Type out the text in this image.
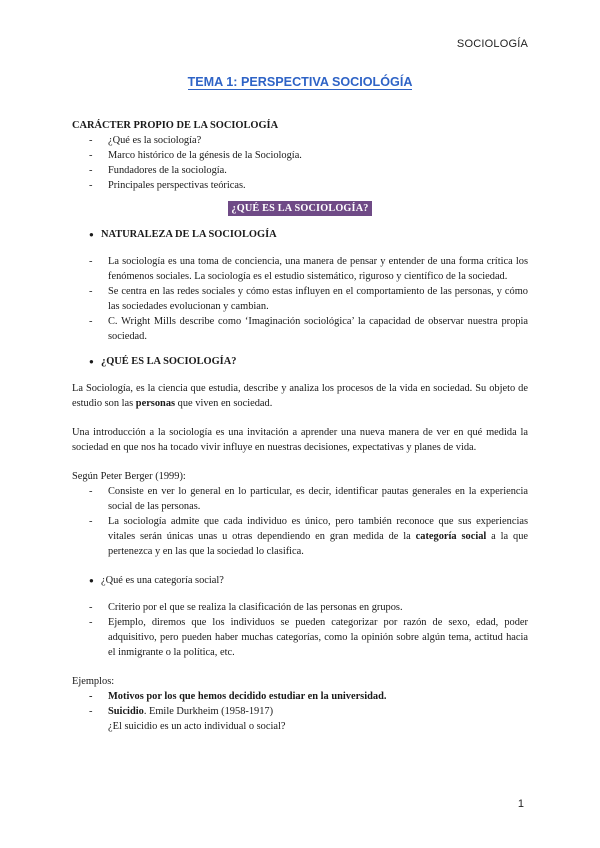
SOCIOLOGÍA
TEMA 1: PERSPECTIVA SOCIOLÓGÍA

CARÁCTER PROPIO DE LA SOCIOLOGÍA

- ¿Qué es la sociología?
- Marco histórico de la génesis de la Sociología.
- Fundadores de la sociología.
- Principales perspectivas teóricas.
¿QUÉ ES LA SOCIOLOGÍA?

● NATURALEZA DE LA SOCIOLOGÍA

- La sociología es una toma de conciencia, una manera de pensar y entender de una forma crítica los fenómenos sociales. La sociología es el estudio sistemático, riguroso y científico de la sociedad.
- Se centra en las redes sociales y cómo estas influyen en el comportamiento de las personas, y cómo las sociedades evolucionan y cambian.
- C. Wright Mills describe como ‘Imaginación sociológica’ la capacidad de observar nuestra propia sociedad.

● ¿QUÉ ES LA SOCIOLOGÍA?

La Sociología, es la ciencia que estudia, describe y analiza los procesos de la vida en sociedad. Su objeto de estudio son las personas que viven en sociedad.

Una introducción a la sociología es una invitación a aprender una nueva manera de ver en qué medida la sociedad en que nos ha tocado vivir influye en nuestras decisiones, expectativas y planes de vida.

Según Peter Berger (1999):

- Consiste en ver lo general en lo particular, es decir, identificar pautas generales en la experiencia social de las personas.
- La sociología admite que cada individuo es único, pero también reconoce que sus experiencias vitales serán únicas unas u otras dependiendo en gran medida de la categoría social a la que pertenezca y en las que la sociedad lo clasifica.

● ¿Qué es una categoría social?

- Criterio por el que se realiza la clasificación de las personas en grupos.
- Ejemplo, diremos que los individuos se pueden categorizar por razón de sexo, edad, poder adquisitivo, pero pueden haber muchas categorías, como la opinión sobre algún tema, actitud hacia el inmigrante o la política, etc.

Ejemplos:

- Motivos por los que hemos decidido estudiar en la universidad.
- Suicidio. Emile Durkheim (1958-1917)

¿El suicidio es un acto individual o social?

1
